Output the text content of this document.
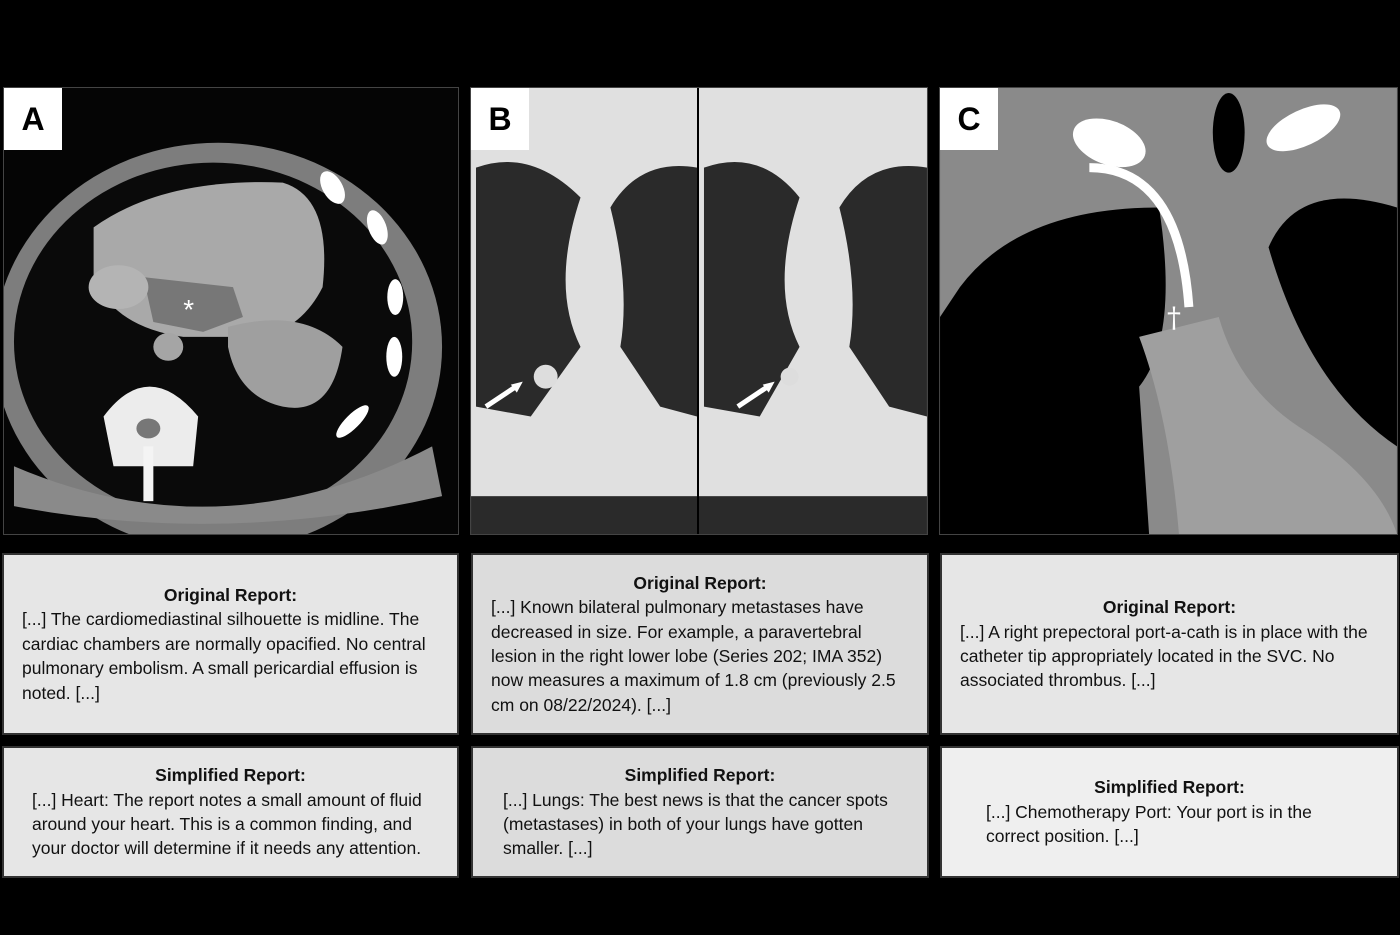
A
*
B	C
†
Original Report:
[...] The cardiomediastinal silhouette is midline. The cardiac chambers are normally opacified. No central pulmonary embolism. A small pericardial effusion is noted. [...]
Original Report:
[...] Known bilateral pulmonary metastases have decreased in size. For example, a paravertebral lesion in the right lower lobe (Series 202; IMA 352) now measures a maximum of 1.8 cm (previously 2.5 cm on 08/22/2024). [...]
Original Report:
[...] A right prepectoral port-a-cath is in place with the catheter tip appropriately located in the SVC. No associated thrombus. [...]
Simplified Report:
[...] Heart: The report notes a small amount of fluid around your heart. This is a common finding, and your doctor will determine if it needs any attention.
Simplified Report:
[...] Lungs: The best news is that the cancer spots (metastases) in both of your lungs have gotten smaller. [...]
Simplified Report:
[...] Chemotherapy Port: Your port is in the correct position. [...]
